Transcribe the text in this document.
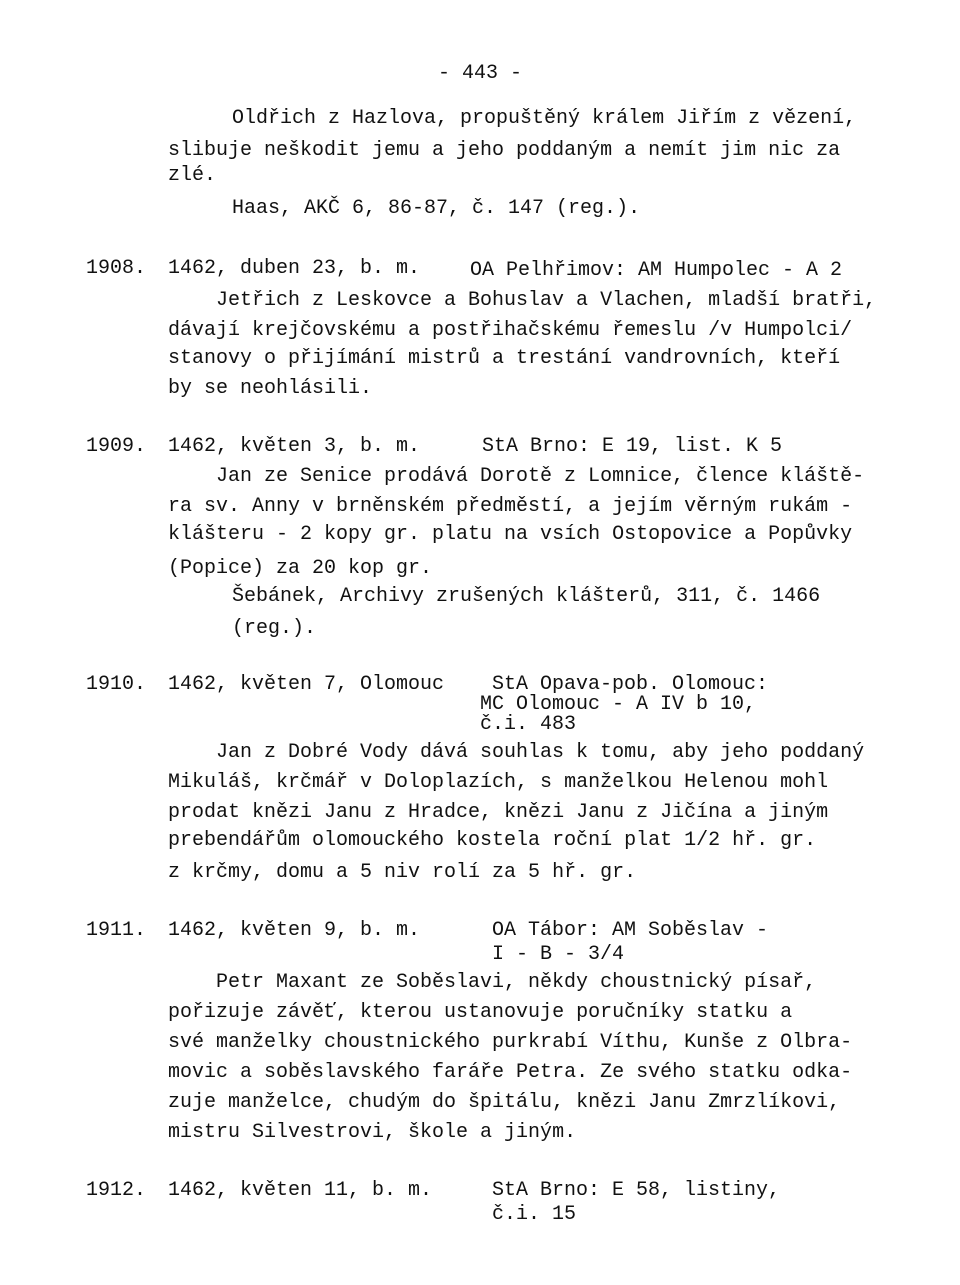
- 443 -
Oldřich z Hazlova, propuštěný králem Jiřím z vězení,
slibuje neškodit jemu a jeho poddaným a nemít jim nic za
zlé.
Haas, AKČ 6, 86-87, č. 147 (reg.).
1908. 1462, duben 23, b. m. OA Pelhřimov: AM Humpolec - A 2
Jetřich z Leskovce a Bohuslav a Vlachen, mladší bratři,
dávají krejčovskému a postřihačskému řemeslu /v Humpolci/
stanovy o přijímání mistrů a trestání vandrovních, kteří
by se neohlásili.
1909. 1462, květen 3, b. m.	StA Brno: E 19, list. K 5
Jan ze Senice prodává Dorotě z Lomnice, člence kláště-
ra sv. Anny v brněnském předměstí, a jejím věrným rukám -
klášteru - 2 kopy gr. platu na vsích Ostopovice a Popůvky
(Popice) za 20 kop gr.
Šebánek, Archivy zrušených klášterů, 311, č. 1466
(reg.).
1910. 1462, květen 7, Olomouc StA Opava-pob. Olomouc:
MC Olomouc - A IV b 10,
č.i. 483
Jan z Dobré Vody dává souhlas k tomu, aby jeho poddaný
Mikuláš, krčmář v Doloplazích, s manželkou Helenou mohl
prodat knězi Janu z Hradce, knězi Janu z Jičína a jiným
prebendářům olomouckého kostela roční plat 1/2 hř. gr.
z krčmy, domu a 5 niv rolí za 5 hř. gr.
1911. 1462, květen 9, b. m.	OA Tábor: AM Soběslav -
I - B - 3/4
Petr Maxant ze Soběslavi, někdy choustnický písař,
pořizuje závěť, kterou ustanovuje poručníky statku a
své manželky choustnického purkrabí Víthu, Kunše z Olbra-
movic a soběslavského faráře Petra. Ze svého statku odka-
zuje manželce, chudým do špitálu, knězi Janu Zmrzlíkovi,
mistru Silvestrovi, škole a jiným.
1912. 1462, květen 11, b. m.	StA Brno: E 58, listiny,
č.i. 15
